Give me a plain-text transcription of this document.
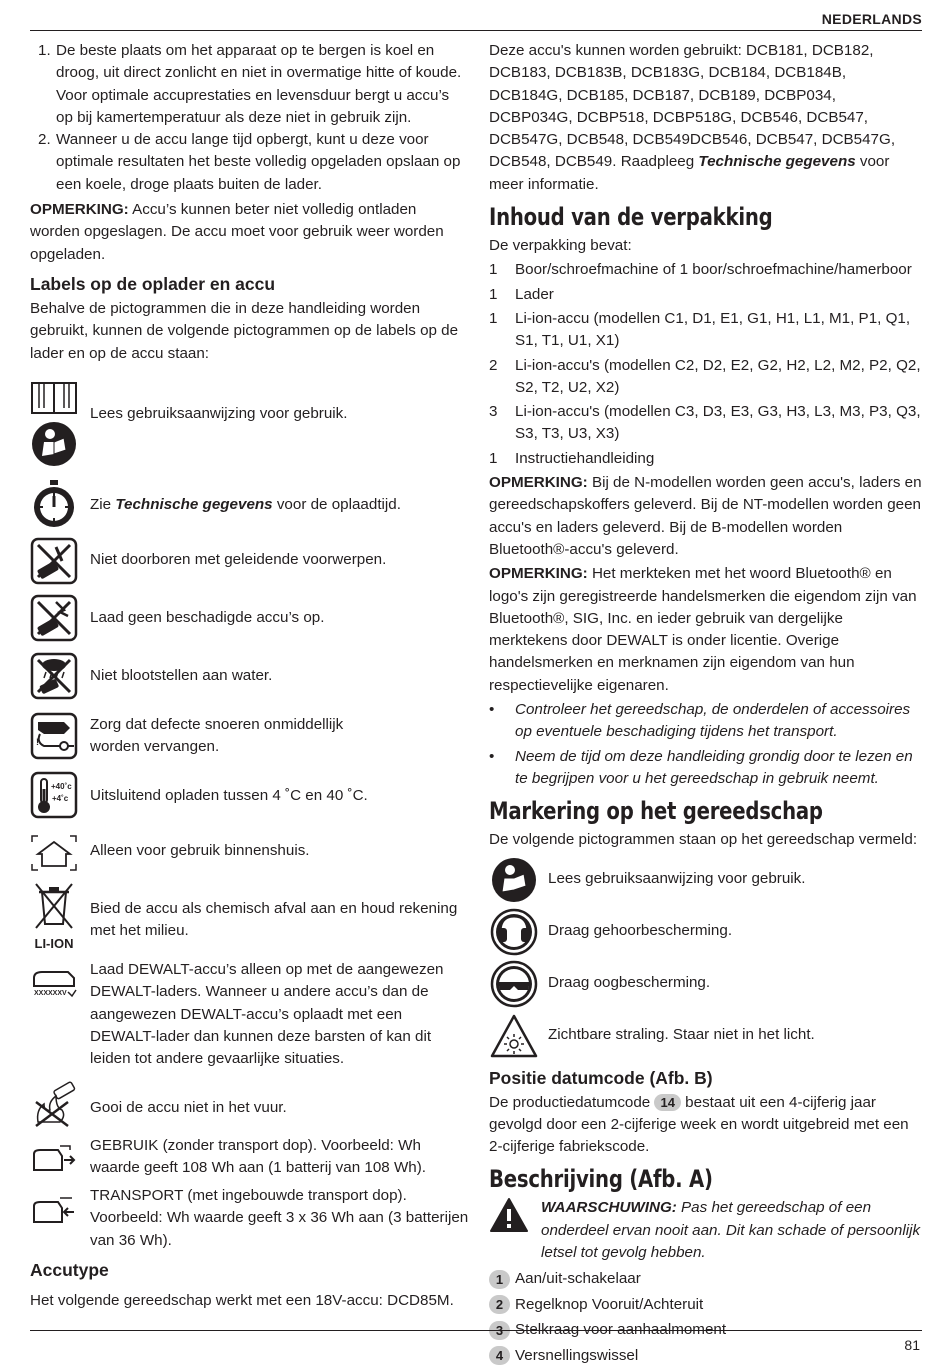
NEDERLANDS
1. De beste plaats om het apparaat op te bergen is koel en droog, uit direct zonlicht en niet in overmatige hitte of koude. Voor optimale accuprestaties en levensduur bergt u accu’s op bij kamertemperatuur als deze niet in gebruik zijn.
2. Wanneer u de accu lange tijd opbergt, kunt u deze voor optimale resultaten het beste volledig opgeladen opslaan op een koele, droge plaats buiten de lader.

OPMERKING: Accu’s kunnen beter niet volledig ontladen worden opgeslagen. De accu moet voor gebruik weer worden opgeladen.

Labels op de oplader en accu

Behalve de pictogrammen die in deze handleiding worden gebruikt, kunnen de volgende pictogrammen op de labels op de lader en op de accu staan:

Lees gebruiksaanwijzing voor gebruik.
Zie Technische gegevens voor de oplaadtijd.
Niet doorboren met geleidende voorwerpen.
Laad geen beschadigde accu’s op.
Niet blootstellen aan water.
!
Zorg dat defecte snoeren onmiddellijk worden vervangen.
+40˚c
+4˚c Uitsluitend opladen tussen 4 ˚C en 40 ˚C.
Alleen voor gebruik binnenshuis.
LI-ION
Bied de accu als chemisch afval aan en houd rekening met het milieu.
XXXXXXV
Laad DEWALT-accu’s alleen op met de aangewezen DEWALT-laders. Wanneer u andere accu’s dan de aangewezen DEWALT-accu’s oplaadt met een DEWALT-lader dan kunnen deze barsten of kan dit leiden tot andere gevaarlijke situaties.
Gooi de accu niet in het vuur.
GEBRUIK (zonder transport dop). Voorbeeld: Wh waarde geeft 108 Wh aan (1 batterij van 108 Wh).
TRANSPORT (met ingebouwde transport dop). Voorbeeld: Wh waarde geeft 3 x 36 Wh aan (3 batterijen van 36 Wh).
Accutype

Het volgende gereedschap werkt met een 18V-accu: DCD85M.

Deze accu's kunnen worden gebruikt: DCB181, DCB182, DCB183, DCB183B, DCB183G, DCB184, DCB184B, DCB184G, DCB185, DCB187, DCB189, DCBP034, DCBP034G, DCBP518, DCBP518G, DCB546, DCB547, DCB547G, DCB548, DCB549DCB546, DCB547, DCB547G, DCB548, DCB549. Raadpleeg Technische gegevens voor meer informatie.

Inhoud van de verpakking

De verpakking bevat:

1	Boor/schroefmachine of 1 boor/schroefmachine/hamerboor
1	Lader
1	Li-ion-accu (modellen C1, D1, E1, G1, H1, L1, M1, P1, Q1, S1, T1, U1, X1)
2	Li-ion-accu's (modellen C2, D2, E2, G2, H2, L2, M2, P2, Q2, S2, T2, U2, X2)
3	Li-ion-accu's (modellen C3, D3, E3, G3, H3, L3, M3, P3, Q3, S3, T3, U3, X3)
1	Instructiehandleiding

OPMERKING: Bij de N-modellen worden geen accu's, laders en gereedschapskoffers geleverd. Bij de NT-modellen worden geen accu's en laders geleverd. Bij de B-modellen worden Bluetooth®-accu's geleverd.

OPMERKING: Het merkteken met het woord Bluetooth® en logo's zijn geregistreerde handelsmerken die eigendom zijn van Bluetooth®, SIG, Inc. en ieder gebruik van dergelijke merktekens door DEWALT is onder licentie. Overige handelsmerken en merknamen zijn eigendom van hun respectievelijke eigenaren.

•	Controleer het gereedschap, de onderdelen of accessoires op eventuele beschadiging tijdens het transport.
•	Neem de tijd om deze handleiding grondig door te lezen en te begrijpen voor u het gereedschap in gebruik neemt.
Markering op het gereedschap

De volgende pictogrammen staan op het gereedschap vermeld:

Lees gebruiksaanwijzing voor gebruik.
Draag gehoorbescherming.
Draag oogbescherming.
Zichtbare straling. Staar niet in het licht.
Positie datumcode (Afb. B)

De productiedatumcode 14 bestaat uit een 4-cijferig jaar gevolgd door een 2-cijferige week en wordt uitgebreid met een 2-cijferige fabriekscode.

Beschrijving (Afb. A)
WAARSCHUWING: Pas het gereedschap of een onderdeel ervan nooit aan. Dit kan schade of persoonlijk letsel tot gevolg hebben.
1 Aan/uit-schakelaar
2 Regelknop Vooruit/Achteruit
3 Stelkraag voor aanhaalmoment
4 Versnellingswissel
81
